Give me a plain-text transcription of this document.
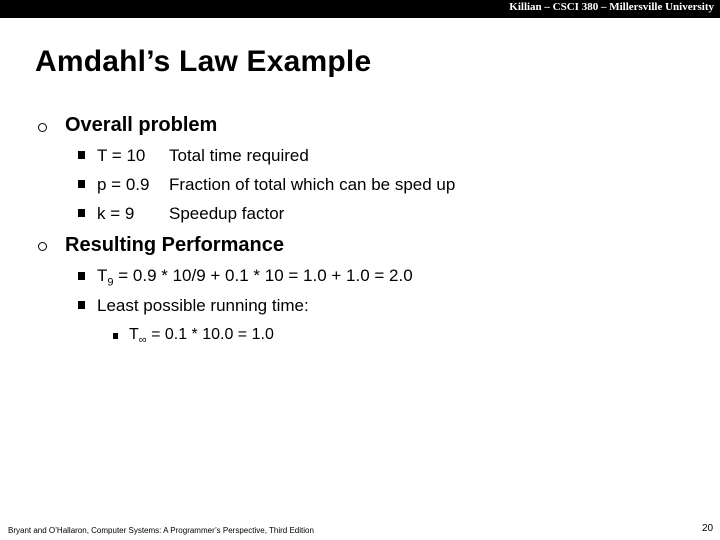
Killian – CSCI 380 – Millersville University
Amdahl’s Law Example
Overall problem
T = 10 Total time required
p = 0.9 Fraction of total which can be sped up
k = 9 Speedup factor
Resulting Performance
$T_9 = 0.9 * 10/9 + 0.1 * 10 = 1.0 + 1.0 = 2.0$
Least possible running time:
$T_\infty = 0.1 * 10.0 = 1.0$
Bryant and O’Hallaron, Computer Systems: A Programmer’s Perspective, Third Edition	20
